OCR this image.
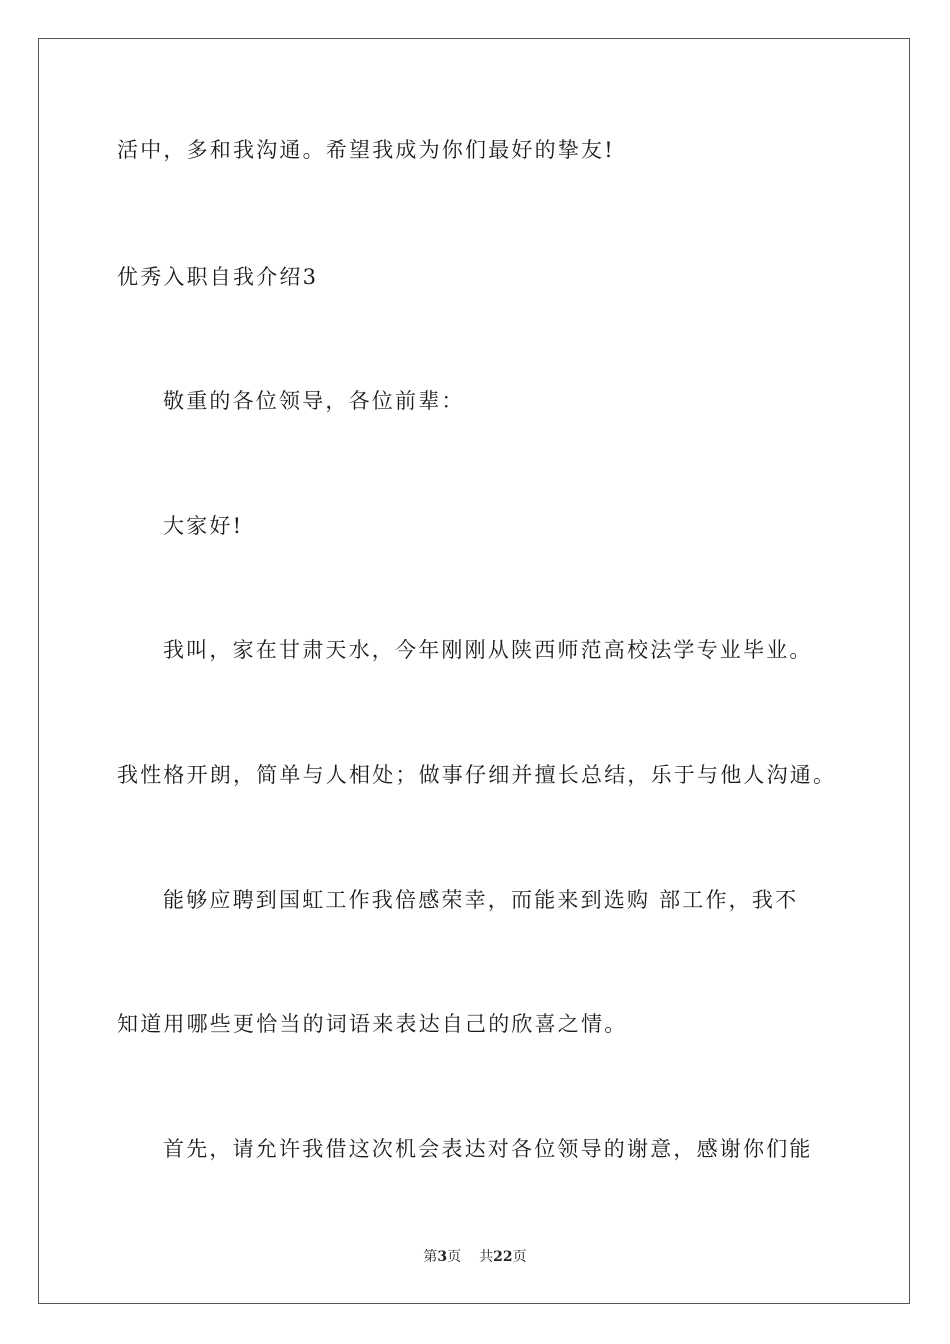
活中，多和我沟通。希望我成为你们最好的挚友!
优秀入职自我介绍3
敬重的各位领导，各位前辈：
大家好!
我叫，家在甘肃天水，今年刚刚从陕西师范高校法学专业毕业。
我性格开朗，简单与人相处；做事仔细并擅长总结，乐于与他人沟通。
能够应聘到国虹工作我倍感荣幸，而能来到选购 部工作，我不
知道用哪些更恰当的词语来表达自己的欣喜之情。
首先，请允许我借这次机会表达对各位领导的谢意，感谢你们能
第3页 共22页
